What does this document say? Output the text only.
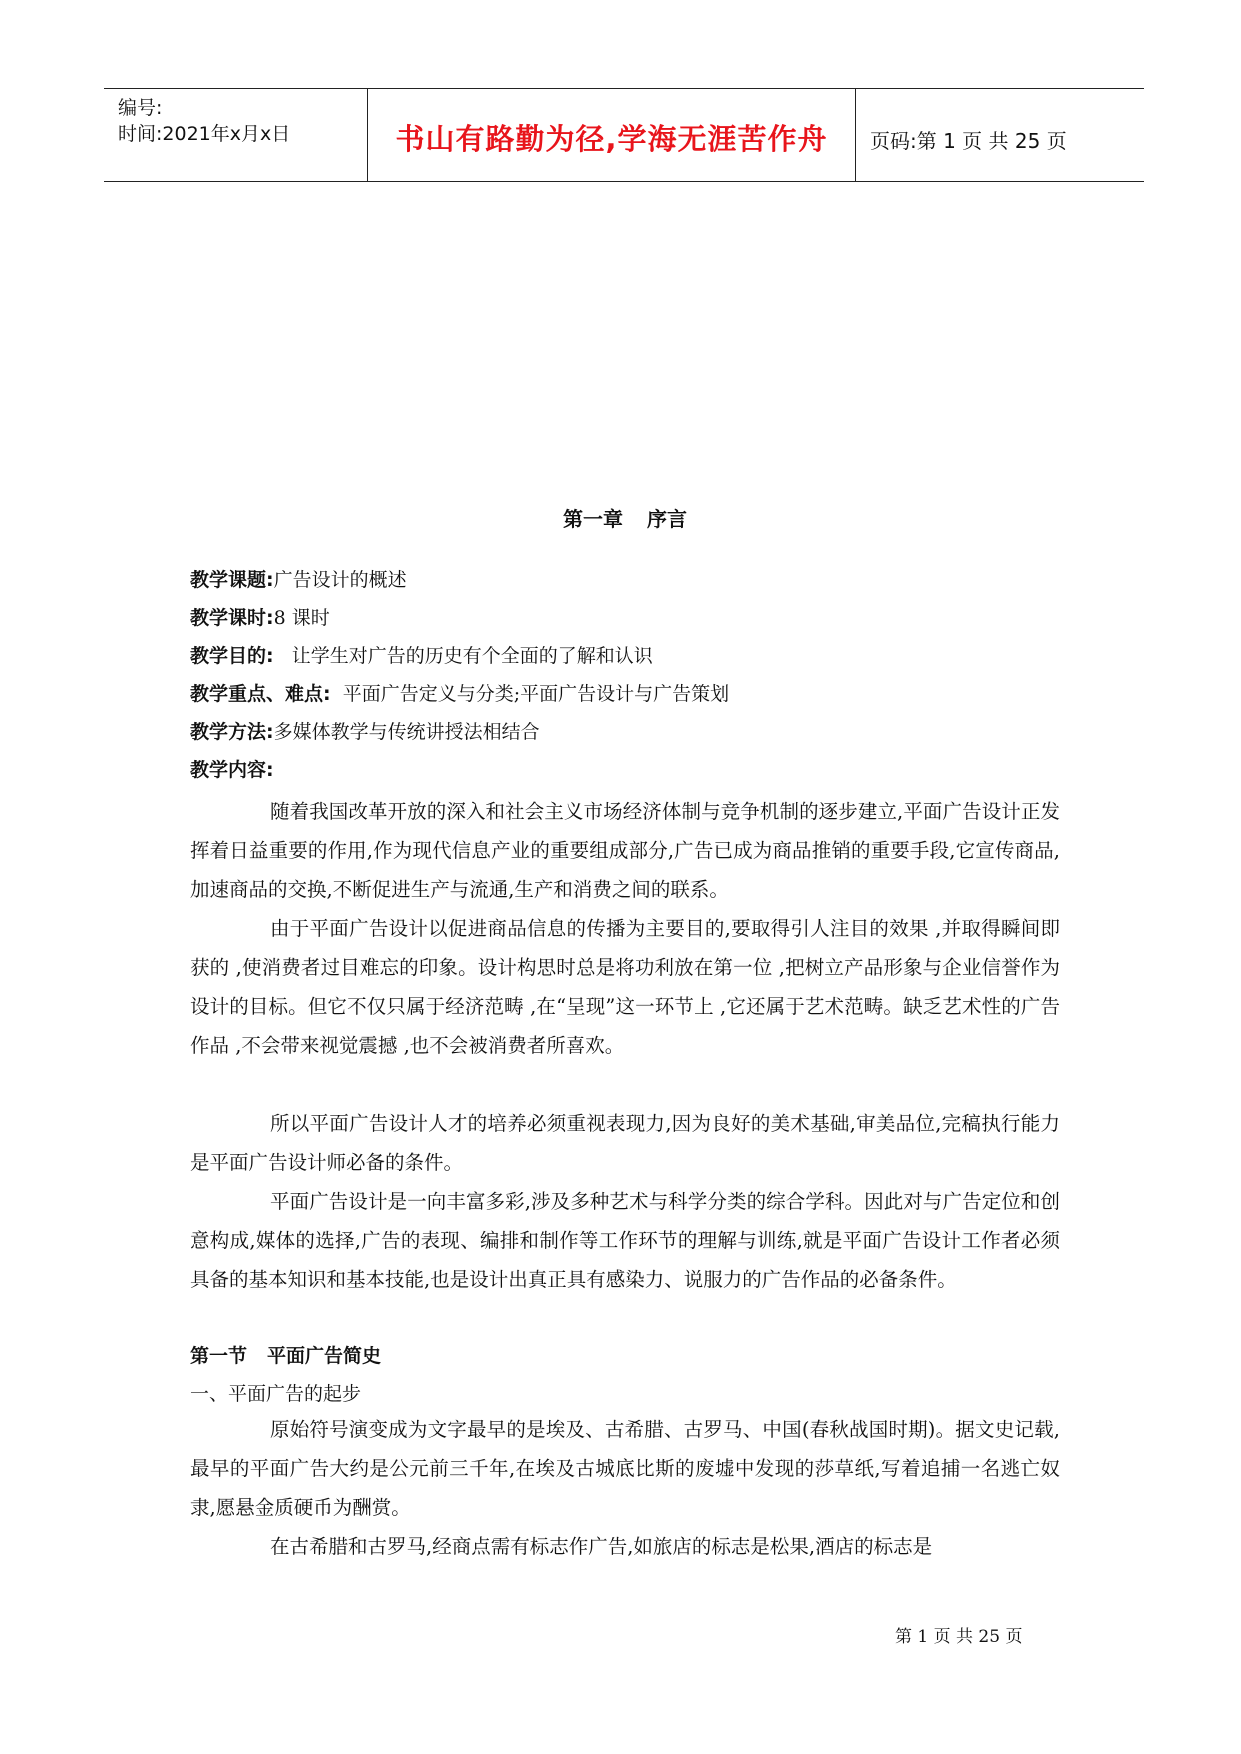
编号:
时间:2021年x月x日	书山有路勤为径,学海无涯苦作舟	页码:第 1 页 共 25 页
第一章 序言
教学课题:广告设计的概述
教学课时:8 课时
教学目的:   让学生对广告的历史有个全面的了解和认识
教学重点、难点:  平面广告定义与分类;平面广告设计与广告策划
教学方法:多媒体教学与传统讲授法相结合
教学内容:
随着我国改革开放的深入和社会主义市场经济体制与竞争机制的逐步建立,平面广告设计正发挥着日益重要的作用,作为现代信息产业的重要组成部分,广告已成为商品推销的重要手段,它宣传商品,加速商品的交换,不断促进生产与流通,生产和消费之间的联系。
由于平面广告设计以促进商品信息的传播为主要目的,要取得引人注目的效果 ,并取得瞬间即获的 ,使消费者过目难忘的印象。设计构思时总是将功利放在第一位 ,把树立产品形象与企业信誉作为设计的目标。但它不仅只属于经济范畴 ,在“呈现”这一环节上 ,它还属于艺术范畴。缺乏艺术性的广告作品 ,不会带来视觉震撼 ,也不会被消费者所喜欢。
所以平面广告设计人才的培养必须重视表现力,因为良好的美术基础,审美品位,完稿执行能力是平面广告设计师必备的条件。
平面广告设计是一向丰富多彩,涉及多种艺术与科学分类的综合学科。因此对与广告定位和创意构成,媒体的选择,广告的表现、编排和制作等工作环节的理解与训练,就是平面广告设计工作者必须具备的基本知识和基本技能,也是设计出真正具有感染力、说服力的广告作品的必备条件。
第一节 平面广告简史
一、平面广告的起步
原始符号演变成为文字最早的是埃及、古希腊、古罗马、中国(春秋战国时期)。据文史记载,最早的平面广告大约是公元前三千年,在埃及古城底比斯的废墟中发现的莎草纸,写着追捕一名逃亡奴隶,愿悬金质硬币为酬赏。
在古希腊和古罗马,经商点需有标志作广告,如旅店的标志是松果,酒店的标志是
第 1 页 共 25 页
